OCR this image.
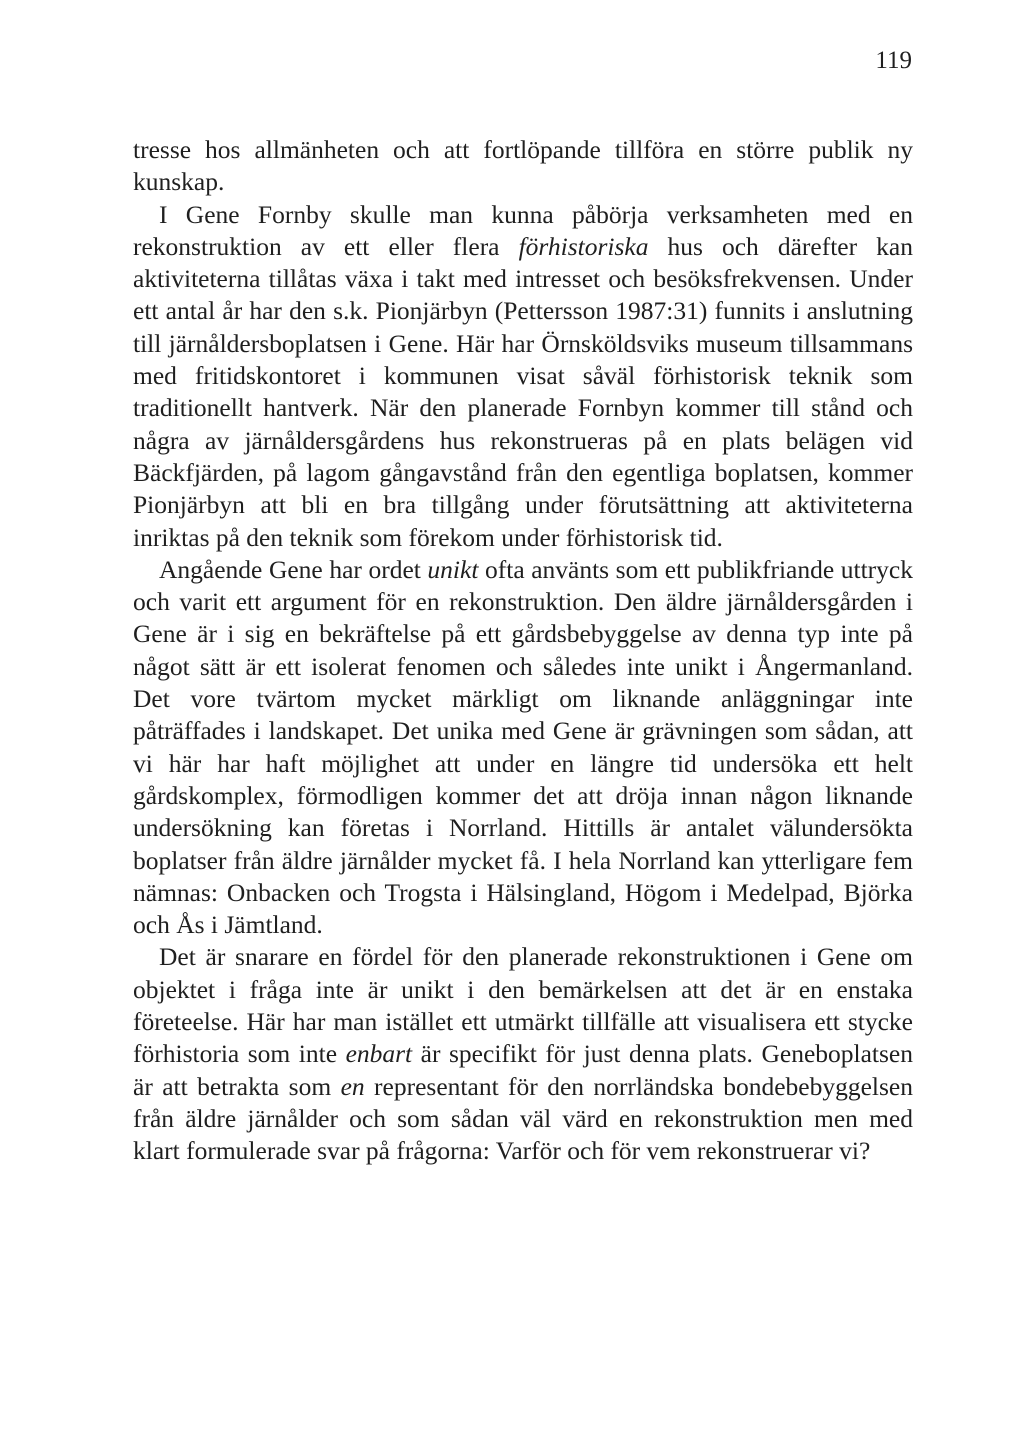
119

tresse hos allmänheten och att fortlöpande tillföra en större publik ny kunskap.

I Gene Fornby skulle man kunna påbörja verksamheten med en rekonstruktion av ett eller flera förhistoriska hus och därefter kan aktiviteterna tillåtas växa i takt med intresset och besöksfrekvensen. Under ett antal år har den s.k. Pionjärbyn (Pettersson 1987:31) funnits i anslutning till järnåldersboplatsen i Gene. Här har Örnsköldsviks museum tillsammans med fritidskontoret i kommunen visat såväl förhistorisk teknik som traditionellt hantverk. När den planerade Fornbyn kommer till stånd och några av järnåldersgårdens hus rekonstrueras på en plats belägen vid Bäckfjärden, på lagom gångavstånd från den egentliga boplatsen, kommer Pionjärbyn att bli en bra tillgång under förutsättning att aktiviteterna inriktas på den teknik som förekom under förhistorisk tid.

Angående Gene har ordet unikt ofta använts som ett publikfriande uttryck och varit ett argument för en rekonstruktion. Den äldre järnåldersgården i Gene är i sig en bekräftelse på ett gårdsbebyggelse av denna typ inte på något sätt är ett isolerat fenomen och således inte unikt i Ångermanland. Det vore tvärtom mycket märkligt om liknande anläggningar inte påträffades i landskapet. Det unika med Gene är grävningen som sådan, att vi här har haft möjlighet att under en längre tid undersöka ett helt gårdskomplex, förmodligen kommer det att dröja innan någon liknande undersökning kan företas i Norrland. Hittills är antalet välundersökta boplatser från äldre järnålder mycket få. I hela Norrland kan ytterligare fem nämnas: Onbacken och Trogsta i Hälsingland, Högom i Medelpad, Björka och Ås i Jämtland.

Det är snarare en fördel för den planerade rekonstruktionen i Gene om objektet i fråga inte är unikt i den bemärkelsen att det är en enstaka företeelse. Här har man istället ett utmärkt tillfälle att visualisera ett stycke förhistoria som inte enbart är specifikt för just denna plats. Geneboplatsen är att betrakta som en representant för den norrländska bondebebyggelsen från äldre järnålder och som sådan väl värd en rekonstruktion men med klart formulerade svar på frågorna: Varför och för vem rekonstruerar vi?
